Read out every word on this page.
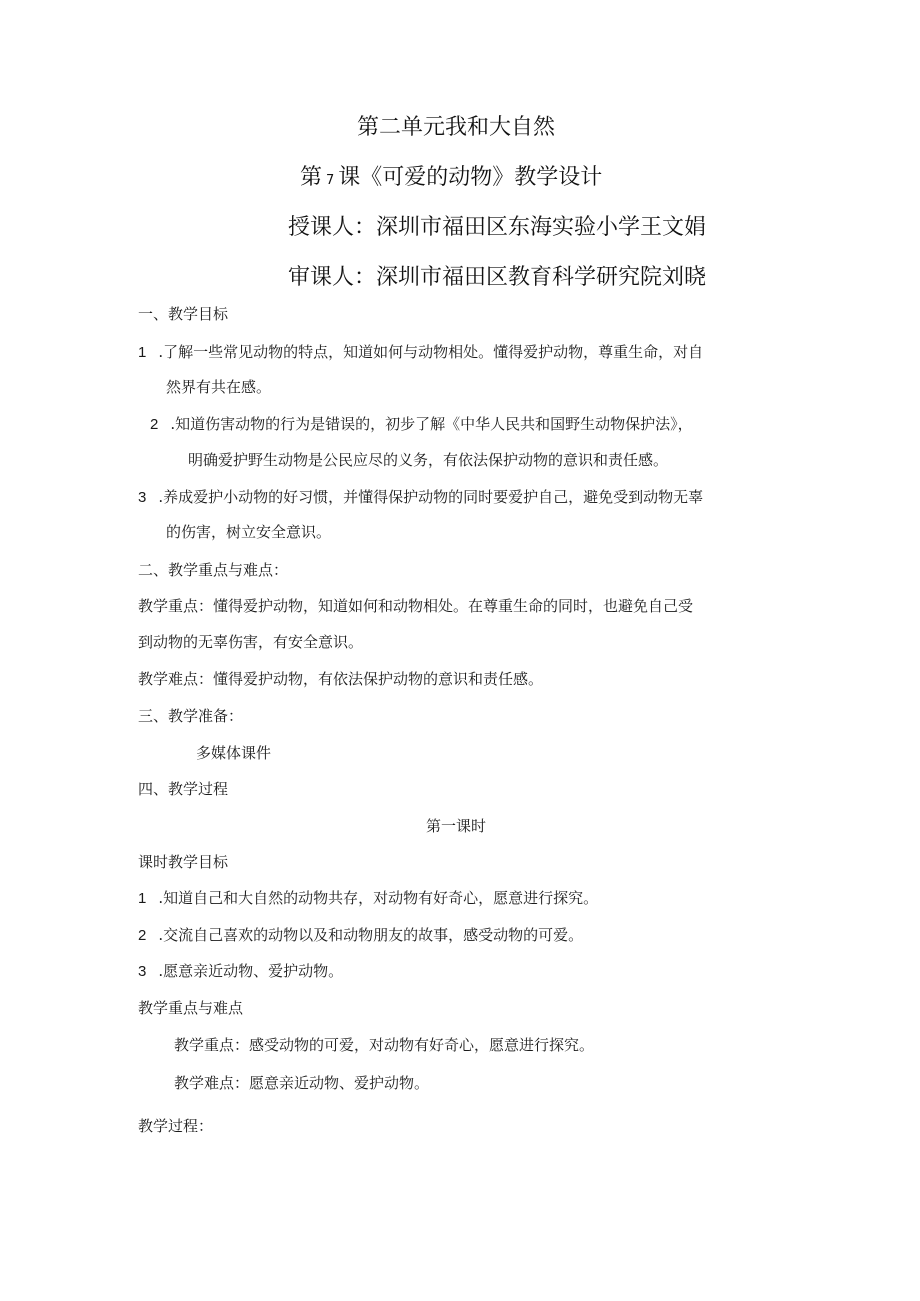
第二单元我和大自然
第 7 课《可爱的动物》教学设计
授课人：深圳市福田区东海实验小学王文娟
审课人：深圳市福田区教育科学研究院刘晓
一、教学目标
1 .了解一些常见动物的特点，知道如何与动物相处。懂得爱护动物，尊重生命，对自
然界有共在感。
2 .知道伤害动物的行为是错误的，初步了解《中华人民共和国野生动物保护法》，
明确爱护野生动物是公民应尽的义务，有依法保护动物的意识和责任感。
3 .养成爱护小动物的好习惯，并懂得保护动物的同时要爱护自己，避免受到动物无辜
的伤害，树立安全意识。
二、教学重点与难点：
教学重点：懂得爱护动物，知道如何和动物相处。在尊重生命的同时，也避免自己受
到动物的无辜伤害，有安全意识。
教学难点：懂得爱护动物，有依法保护动物的意识和责任感。
三、教学准备：
多媒体课件
四、教学过程
第一课时
课时教学目标
1 .知道自己和大自然的动物共存，对动物有好奇心，愿意进行探究。
2 .交流自己喜欢的动物以及和动物朋友的故事，感受动物的可爱。
3 .愿意亲近动物、爱护动物。
教学重点与难点
教学重点：感受动物的可爱，对动物有好奇心，愿意进行探究。
教学难点：愿意亲近动物、爱护动物。
教学过程：
